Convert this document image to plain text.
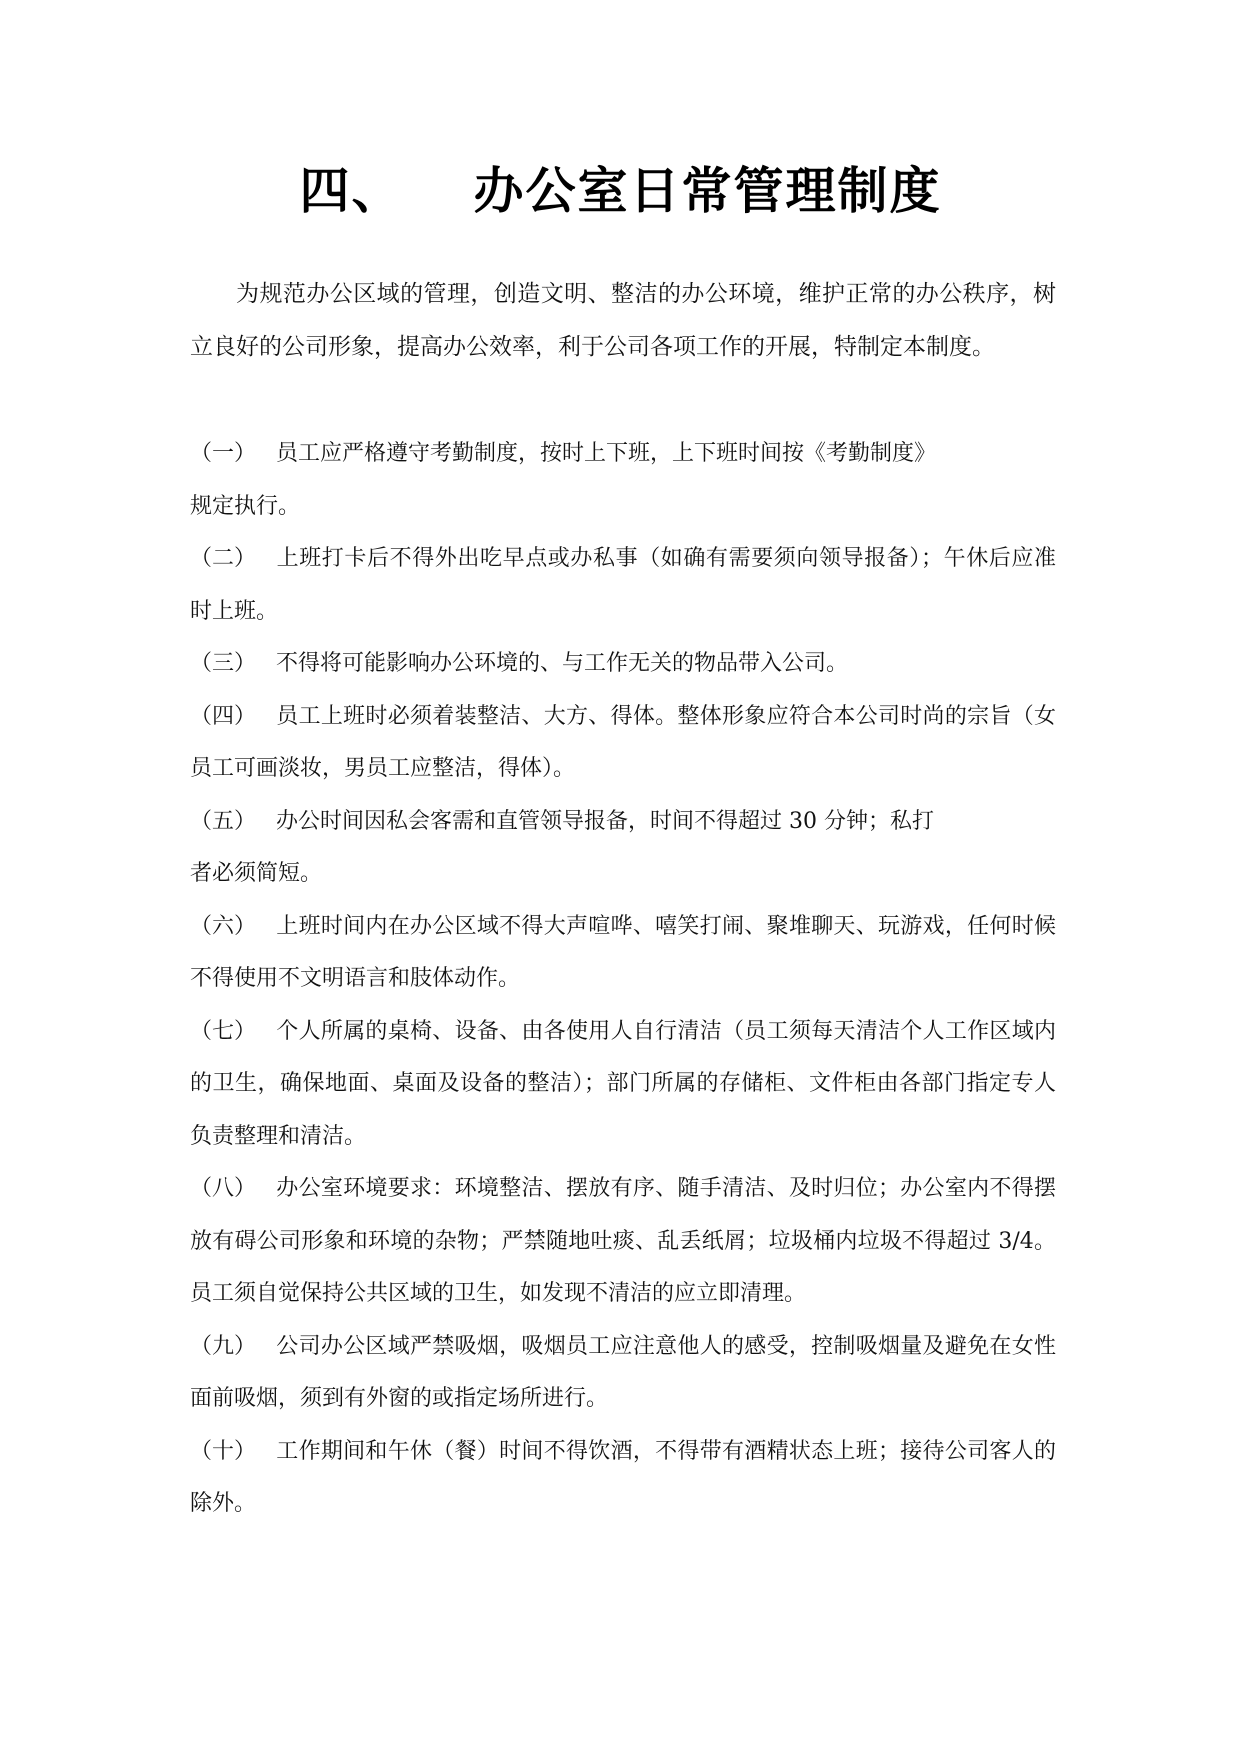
四、 办公室日常管理制度

为规范办公区域的管理，创造文明、整洁的办公环境，维护正常的办公秩序，树立良好的公司形象，提高办公效率，利于公司各项工作的开展，特制定本制度。

（一） 员工应严格遵守考勤制度，按时上下班，上下班时间按《考勤制度》
规定执行。
（二） 上班打卡后不得外出吃早点或办私事（如确有需要须向领导报备）；午休后应准时上班。
（三） 不得将可能影响办公环境的、与工作无关的物品带入公司。
（四） 员工上班时必须着装整洁、大方、得体。整体形象应符合本公司时尚的宗旨（女员工可画淡妆，男员工应整洁，得体）。
（五） 办公时间因私会客需和直管领导报备，时间不得超过 30 分钟；私打
者必须简短。
（六） 上班时间内在办公区域不得大声喧哗、嘻笑打闹、聚堆聊天、玩游戏，任何时候不得使用不文明语言和肢体动作。
（七） 个人所属的桌椅、设备、由各使用人自行清洁（员工须每天清洁个人工作区域内的卫生，确保地面、桌面及设备的整洁）；部门所属的存储柜、文件柜由各部门指定专人负责整理和清洁。
（八） 办公室环境要求：环境整洁、摆放有序、随手清洁、及时归位；办公室内不得摆放有碍公司形象和环境的杂物；严禁随地吐痰、乱丢纸屑；垃圾桶内垃圾不得超过 3/4。员工须自觉保持公共区域的卫生，如发现不清洁的应立即清理。
（九） 公司办公区域严禁吸烟，吸烟员工应注意他人的感受，控制吸烟量及避免在女性面前吸烟，须到有外窗的或指定场所进行。
（十） 工作期间和午休（餐）时间不得饮酒，不得带有酒精状态上班；接待公司客人的除外。
